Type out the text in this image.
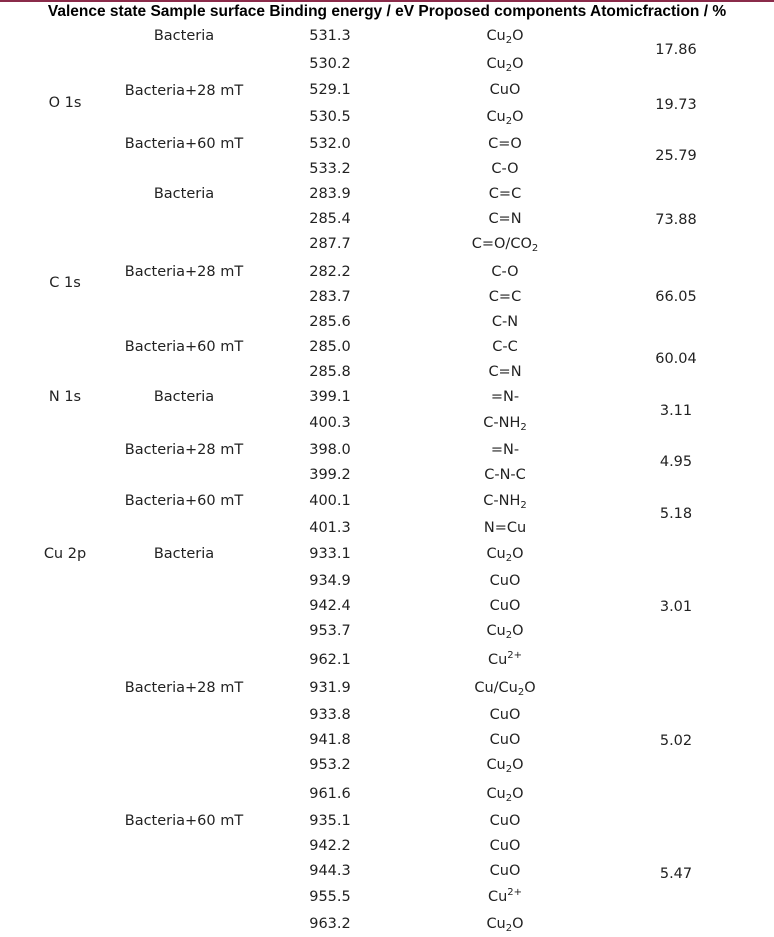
Valence state Sample surface Binding energy / eV Proposed components Atomicfraction / %
O 1s
C 1s
N 1s
Cu 2p
Bacteria
Bacteria+28 mT
Bacteria+60 mT
Bacteria
Bacteria+28 mT
Bacteria+60 mT
Bacteria
Bacteria+28 mT
Bacteria+60 mT
Bacteria
Bacteria+28 mT
Bacteria+60 mT
531.3
530.2
529.1
530.5
532.0
533.2
283.9
285.4
287.7
282.2
283.7
285.6
285.0
285.8
399.1
400.3
398.0
399.2
400.1
401.3
933.1
934.9
942.4
953.7
962.1
931.9
933.8
941.8
953.2
961.6
935.1
942.2
944.3
955.5
963.2
17.86
19.73
25.79
73.88
66.05
60.04
3.11
4.95
5.18
3.01
5.02
5.47
$Cu_2O$
$Cu_2O$
CuO
$Cu_2O$
C=O
C-O
C=C
C=N
$C=O/CO_2$
C-O
C=C
C-N
C-C
C=N
=N-
$C-NH_2$
=N-
C-N-C
$C-NH_2$
N=Cu
$Cu_2O$
CuO
CuO
$Cu_2O$
$Cu^{2+}$
$Cu/Cu_2O$
CuO
CuO
$Cu_2O$
$Cu_2O$
CuO
CuO
CuO
$Cu^{2+}$
$Cu_2O$
